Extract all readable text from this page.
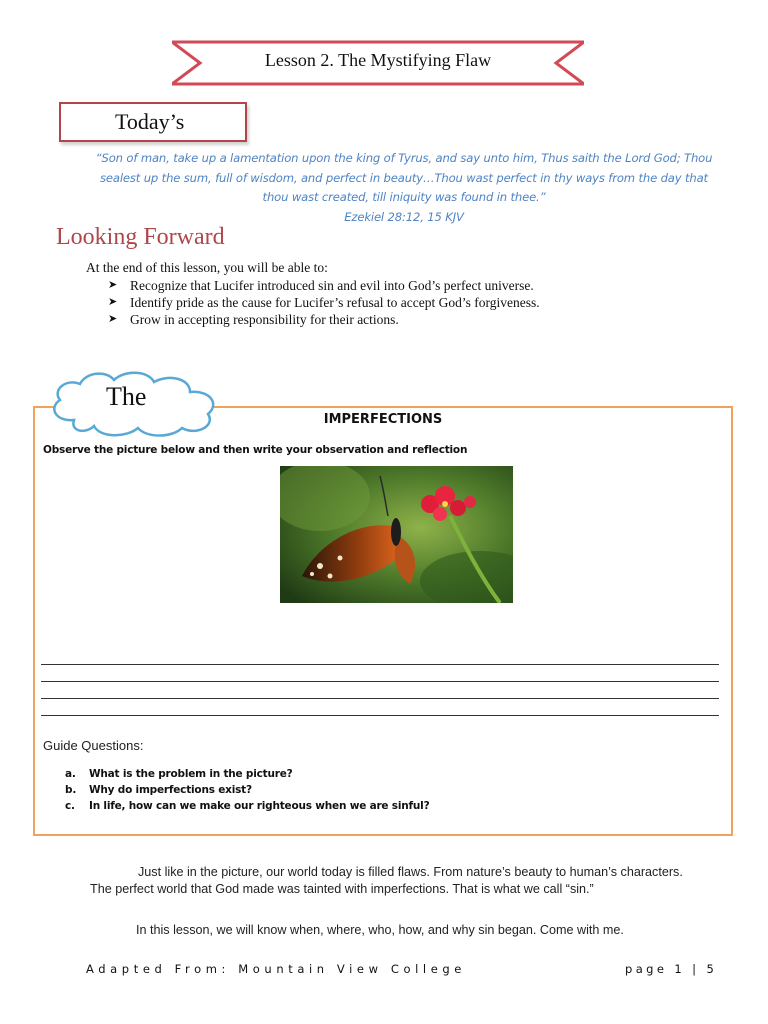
Lesson 2. The Mystifying Flaw
Today’s
“Son of man, take up a lamentation upon the king of Tyrus, and say unto him, Thus saith the Lord God; Thou sealest up the sum, full of wisdom, and perfect in beauty…Thou wast perfect in thy ways from the day that thou wast created, till iniquity was found in thee.”
Ezekiel 28:12, 15 KJV
Looking Forward
At the end of this lesson, you will be able to:
➤ Recognize that Lucifer introduced sin and evil into God’s perfect universe.
➤ Identify pride as the cause for Lucifer’s refusal to accept God’s forgiveness.
➤ Grow in accepting responsibility for their actions.
IMPERFECTIONS
Observe the picture below and then write your observation and reflection
Guide Questions:
a.	What is the problem in the picture?
b.	Why do imperfections exist?
c.	In life, how can we make our righteous when we are sinful?
The
Just like in the picture, our world today is filled flaws. From nature’s beauty to human’s characters. The perfect world that God made was tainted with imperfections. That is what we call “sin.”
In this lesson, we will know when, where, who, how, and why sin began. Come with me.
Adapted From: Mountain View College	page 1 | 5
